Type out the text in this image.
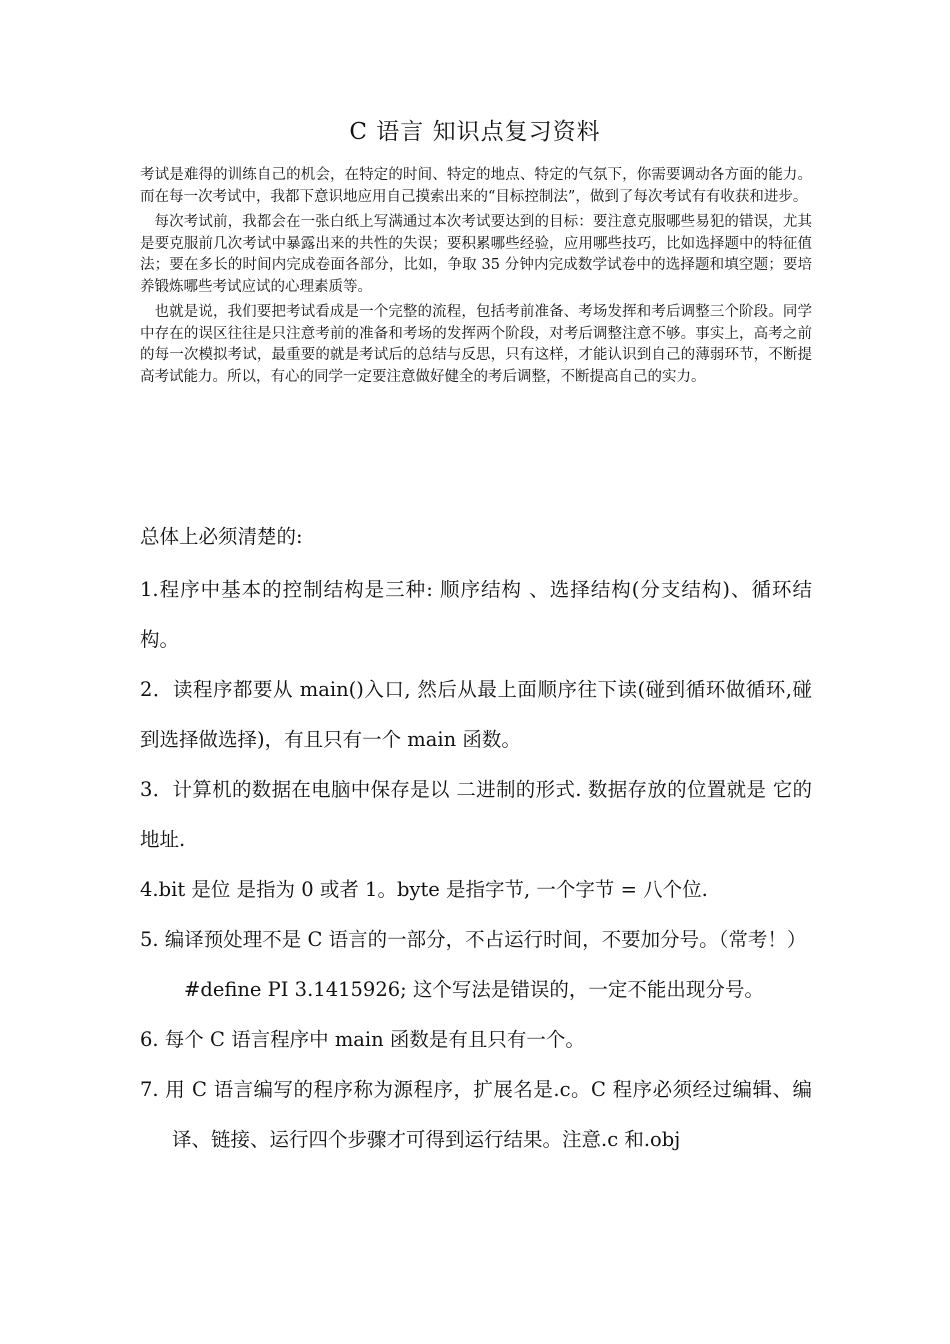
C 语言 知识点复习资料

考试是难得的训练自己的机会，在特定的时间、特定的地点、特定的气氛下，你需要调动各方面的能力。而在每一次考试中，我都下意识地应用自己摸索出来的“目标控制法”，做到了每次考试有有收获和进步。

每次考试前，我都会在一张白纸上写满通过本次考试要达到的目标：要注意克服哪些易犯的错误，尤其是要克服前几次考试中暴露出来的共性的失误；要积累哪些经验，应用哪些技巧，比如选择题中的特征值法；要在多长的时间内完成卷面各部分，比如，争取 35 分钟内完成数学试卷中的选择题和填空题；要培养锻炼哪些考试应试的心理素质等。

也就是说，我们要把考试看成是一个完整的流程，包括考前准备、考场发挥和考后调整三个阶段。同学中存在的误区往往是只注意考前的准备和考场的发挥两个阶段，对考后调整注意不够。事实上，高考之前的每一次模拟考试，最重要的就是考试后的总结与反思，只有这样，才能认识到自己的薄弱环节，不断提高考试能力。所以，有心的同学一定要注意做好健全的考后调整，不断提高自己的实力。

总体上必须清楚的:

1.程序中基本的控制结构是三种: 顺序结构 、选择结构(分支结构)、循环结构。

2．读程序都要从 main()入口, 然后从最上面顺序往下读(碰到循环做循环,碰到选择做选择)，有且只有一个 main 函数。

3．计算机的数据在电脑中保存是以 二进制的形式. 数据存放的位置就是 它的地址.

4.bit 是位 是指为 0 或者 1。byte 是指字节, 一个字节 = 八个位.

5. 编译预处理不是 C 语言的一部分，不占运行时间，不要加分号。（常考！）

#define PI 3.1415926; 这个写法是错误的，一定不能出现分号。

6. 每个 C 语言程序中 main 函数是有且只有一个。

7. 用 C 语言编写的程序称为源程序，扩展名是.c。C 程序必须经过编辑、编译、链接、运行四个步骤才可得到运行结果。注意.c 和.obj
